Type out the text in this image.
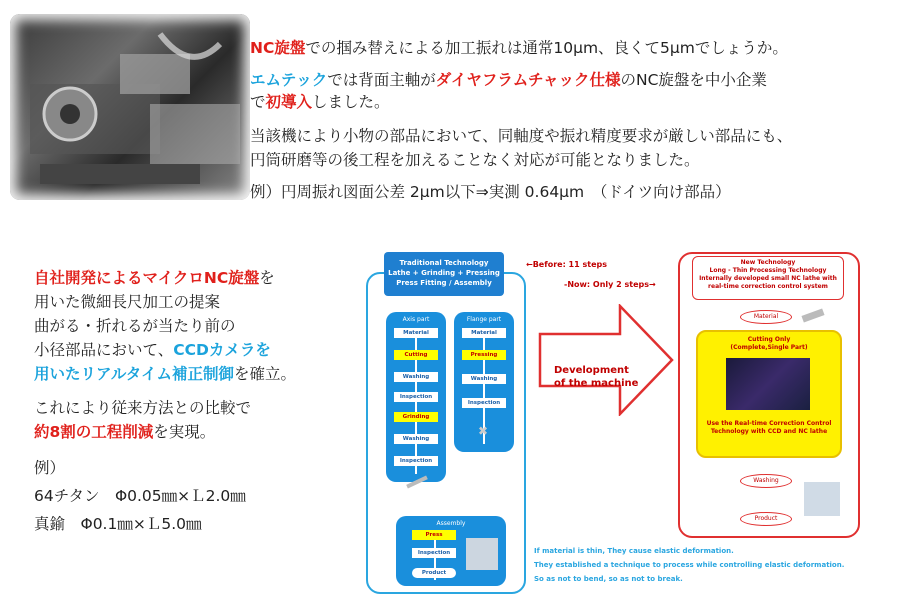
NC旋盤での掴み替えによる加工振れは通常10µm、良くて5µmでしょうか。
エムテックでは背面主軸がダイヤフラムチャック仕様のNC旋盤を中小企業
で初導入しました。
当該機により小物の部品において、同軸度や振れ精度要求が厳しい部品にも、
円筒研磨等の後工程を加えることなく対応が可能となりました。
例）円周振れ図面公差 2μm以下⇒実測 0.64µm　（ドイツ向け部品）
自社開発によるマイクロNC旋盤を
用いた微細長尺加工の提案
曲がる・折れるが当たり前の
小径部品において、CCDカメラを
用いたリアルタイム補正制御を確立。
これにより従来方法との比較で
約8割の工程削減を実現。
例）
64チタン　Φ0.05㎜×Ｌ2.0㎜
真鍮　Φ0.1㎜×Ｌ5.0㎜
Traditional Technology
Lathe + Grinding + Pressing
Press Fitting / Assembly
Axis part
Material
Cutting
Washing
Inspection
Grinding
Washing
Inspection
Flange part
Material
Pressing
Washing
Inspection
✖
Assembly
Press
Inspection
Product
←Before: 11 steps
-Now: Only 2 steps→
Development
of the machine
New Technology
Long - Thin Processing Technology
Internally developed small NC lathe with
real-time correction control system
Material
Cutting Only
(Complete,Single Part)
Use the Real-time Correction Control
Technology with CCD and NC lathe
Washing
Product
If material is thin, They cause elastic deformation.
They established a technique to process while controlling elastic deformation.
So as not to bend, so as not to break.
